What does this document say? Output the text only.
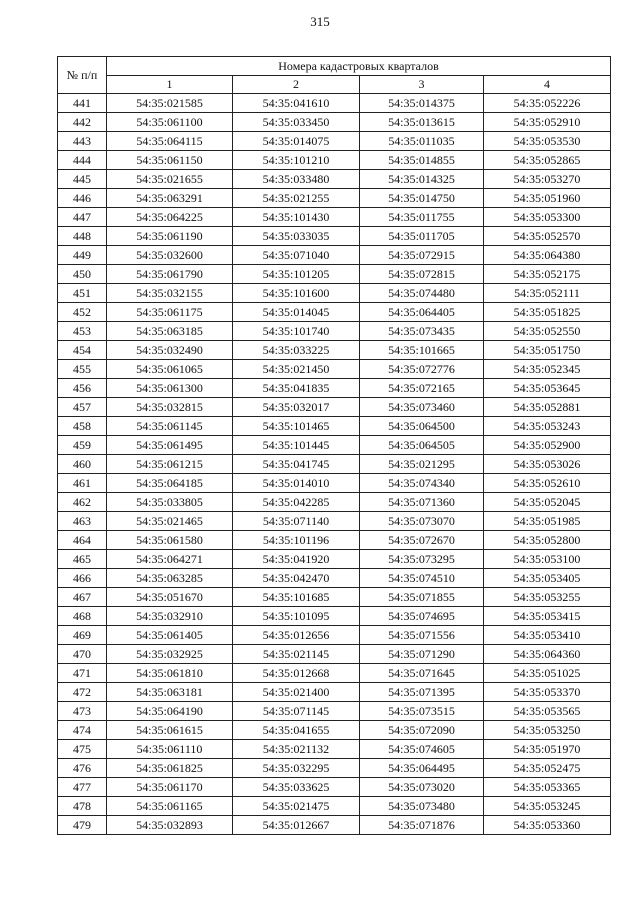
315
№ п/п	Номера кадастровых кварталов			
	1	2	3	4
441	54:35:021585	54:35:041610	54:35:014375	54:35:052226
442	54:35:061100	54:35:033450	54:35:013615	54:35:052910
443	54:35:064115	54:35:014075	54:35:011035	54:35:053530
444	54:35:061150	54:35:101210	54:35:014855	54:35:052865
445	54:35:021655	54:35:033480	54:35:014325	54:35:053270
446	54:35:063291	54:35:021255	54:35:014750	54:35:051960
447	54:35:064225	54:35:101430	54:35:011755	54:35:053300
448	54:35:061190	54:35:033035	54:35:011705	54:35:052570
449	54:35:032600	54:35:071040	54:35:072915	54:35:064380
450	54:35:061790	54:35:101205	54:35:072815	54:35:052175
451	54:35:032155	54:35:101600	54:35:074480	54:35:052111
452	54:35:061175	54:35:014045	54:35:064405	54:35:051825
453	54:35:063185	54:35:101740	54:35:073435	54:35:052550
454	54:35:032490	54:35:033225	54:35:101665	54:35:051750
455	54:35:061065	54:35:021450	54:35:072776	54:35:052345
456	54:35:061300	54:35:041835	54:35:072165	54:35:053645
457	54:35:032815	54:35:032017	54:35:073460	54:35:052881
458	54:35:061145	54:35:101465	54:35:064500	54:35:053243
459	54:35:061495	54:35:101445	54:35:064505	54:35:052900
460	54:35:061215	54:35:041745	54:35:021295	54:35:053026
461	54:35:064185	54:35:014010	54:35:074340	54:35:052610
462	54:35:033805	54:35:042285	54:35:071360	54:35:052045
463	54:35:021465	54:35:071140	54:35:073070	54:35:051985
464	54:35:061580	54:35:101196	54:35:072670	54:35:052800
465	54:35:064271	54:35:041920	54:35:073295	54:35:053100
466	54:35:063285	54:35:042470	54:35:074510	54:35:053405
467	54:35:051670	54:35:101685	54:35:071855	54:35:053255
468	54:35:032910	54:35:101095	54:35:074695	54:35:053415
469	54:35:061405	54:35:012656	54:35:071556	54:35:053410
470	54:35:032925	54:35:021145	54:35:071290	54:35:064360
471	54:35:061810	54:35:012668	54:35:071645	54:35:051025
472	54:35:063181	54:35:021400	54:35:071395	54:35:053370
473	54:35:064190	54:35:071145	54:35:073515	54:35:053565
474	54:35:061615	54:35:041655	54:35:072090	54:35:053250
475	54:35:061110	54:35:021132	54:35:074605	54:35:051970
476	54:35:061825	54:35:032295	54:35:064495	54:35:052475
477	54:35:061170	54:35:033625	54:35:073020	54:35:053365
478	54:35:061165	54:35:021475	54:35:073480	54:35:053245
479	54:35:032893	54:35:012667	54:35:071876	54:35:053360
